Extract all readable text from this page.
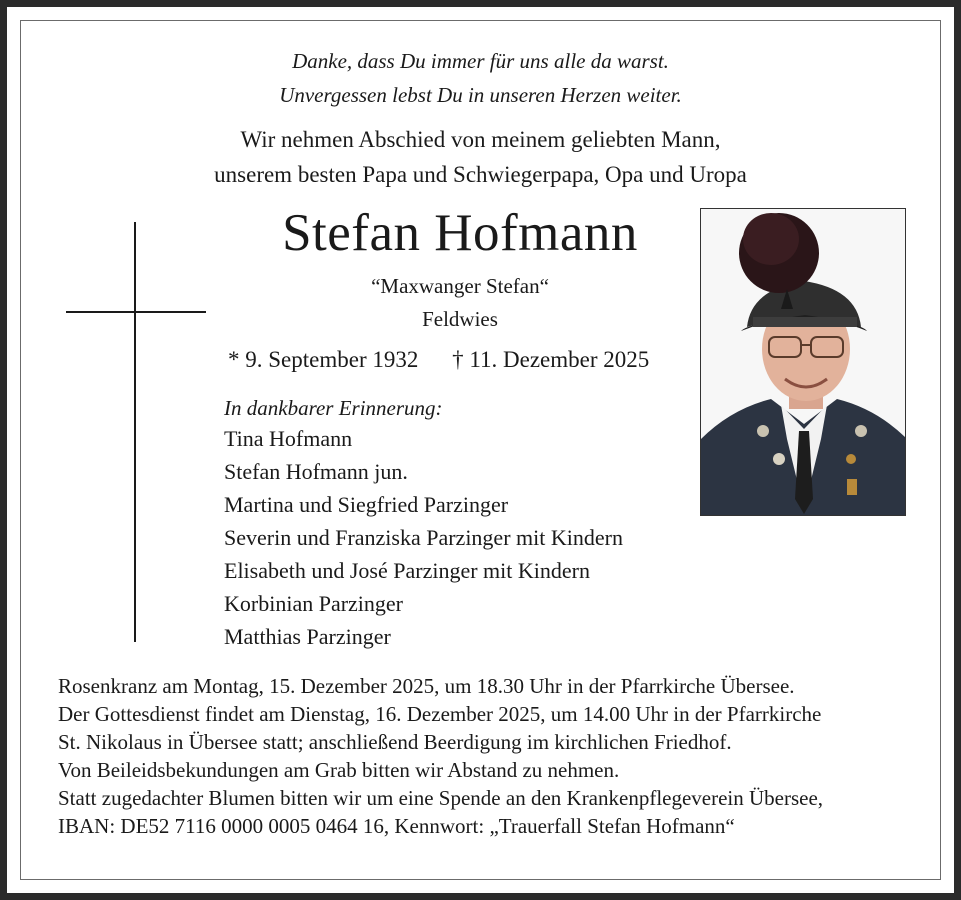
Danke, dass Du immer für uns alle da warst.
Unvergessen lebst Du in unseren Herzen weiter.
Wir nehmen Abschied von meinem geliebten Mann,
unserem besten Papa und Schwiegerpapa, Opa und Uropa
Stefan Hofmann
“Maxwanger Stefan“
Feldwies
* 9. September 1932 † 11. Dezember 2025
In dankbarer Erinnerung:
Tina Hofmann
Stefan Hofmann jun.
Martina und Siegfried Parzinger
Severin und Franziska Parzinger mit Kindern
Elisabeth und José Parzinger mit Kindern
Korbinian Parzinger
Matthias Parzinger
Rosenkranz am Montag, 15. Dezember 2025, um 18.30 Uhr in der Pfarrkirche Übersee.
Der Gottesdienst findet am Dienstag, 16. Dezember 2025, um 14.00 Uhr in der Pfarrkirche
St. Nikolaus in Übersee statt; anschließend Beerdigung im kirchlichen Friedhof.
Von Beileidsbekundungen am Grab bitten wir Abstand zu nehmen.
Statt zugedachter Blumen bitten wir um eine Spende an den Krankenpflegeverein Übersee,
IBAN: DE52 7116 0000 0005 0464 16, Kennwort: „Trauerfall Stefan Hofmann“
